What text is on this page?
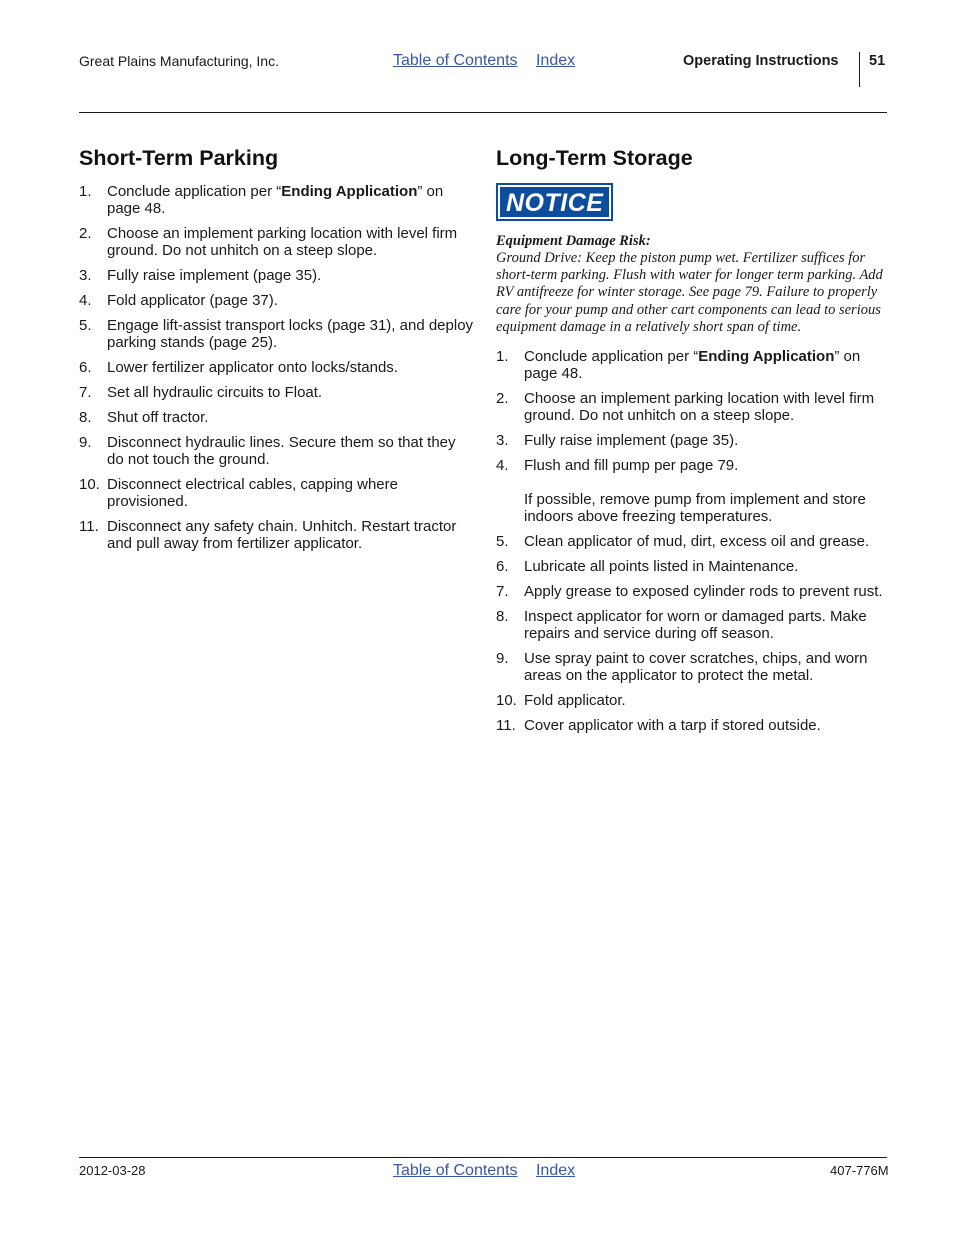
Great Plains Manufacturing, Inc.	Table of Contents Index	Operating Instructions 51
Short-Term Parking
1. Conclude application per “Ending Application” on page 48.
2. Choose an implement parking location with level firm ground. Do not unhitch on a steep slope.
3. Fully raise implement (page 35).
4. Fold applicator (page 37).
5. Engage lift-assist transport locks (page 31), and deploy parking stands (page 25).
6. Lower fertilizer applicator onto locks/stands.
7. Set all hydraulic circuits to Float.
8. Shut off tractor.
9. Disconnect hydraulic lines. Secure them so that they do not touch the ground.
10. Disconnect electrical cables, capping where provisioned.
11. Disconnect any safety chain. Unhitch. Restart tractor and pull away from fertilizer applicator.
Long-Term Storage
NOTICE
Equipment Damage Risk:
Ground Drive: Keep the piston pump wet. Fertilizer suffices for short-term parking. Flush with water for longer term parking. Add RV antifreeze for winter storage. See page 79. Failure to properly care for your pump and other cart components can lead to serious equipment damage in a relatively short span of time.
1. Conclude application per “Ending Application” on page 48.
2. Choose an implement parking location with level firm ground. Do not unhitch on a steep slope.
3. Fully raise implement (page 35).
4. Flush and fill pump per page 79.
If possible, remove pump from implement and store indoors above freezing temperatures.
5. Clean applicator of mud, dirt, excess oil and grease.
6. Lubricate all points listed in Maintenance.
7. Apply grease to exposed cylinder rods to prevent rust.
8. Inspect applicator for worn or damaged parts. Make repairs and service during off season.
9. Use spray paint to cover scratches, chips, and worn areas on the applicator to protect the metal.
10. Fold applicator.
11. Cover applicator with a tarp if stored outside.
2012-03-28	Table of Contents Index	407-776M
